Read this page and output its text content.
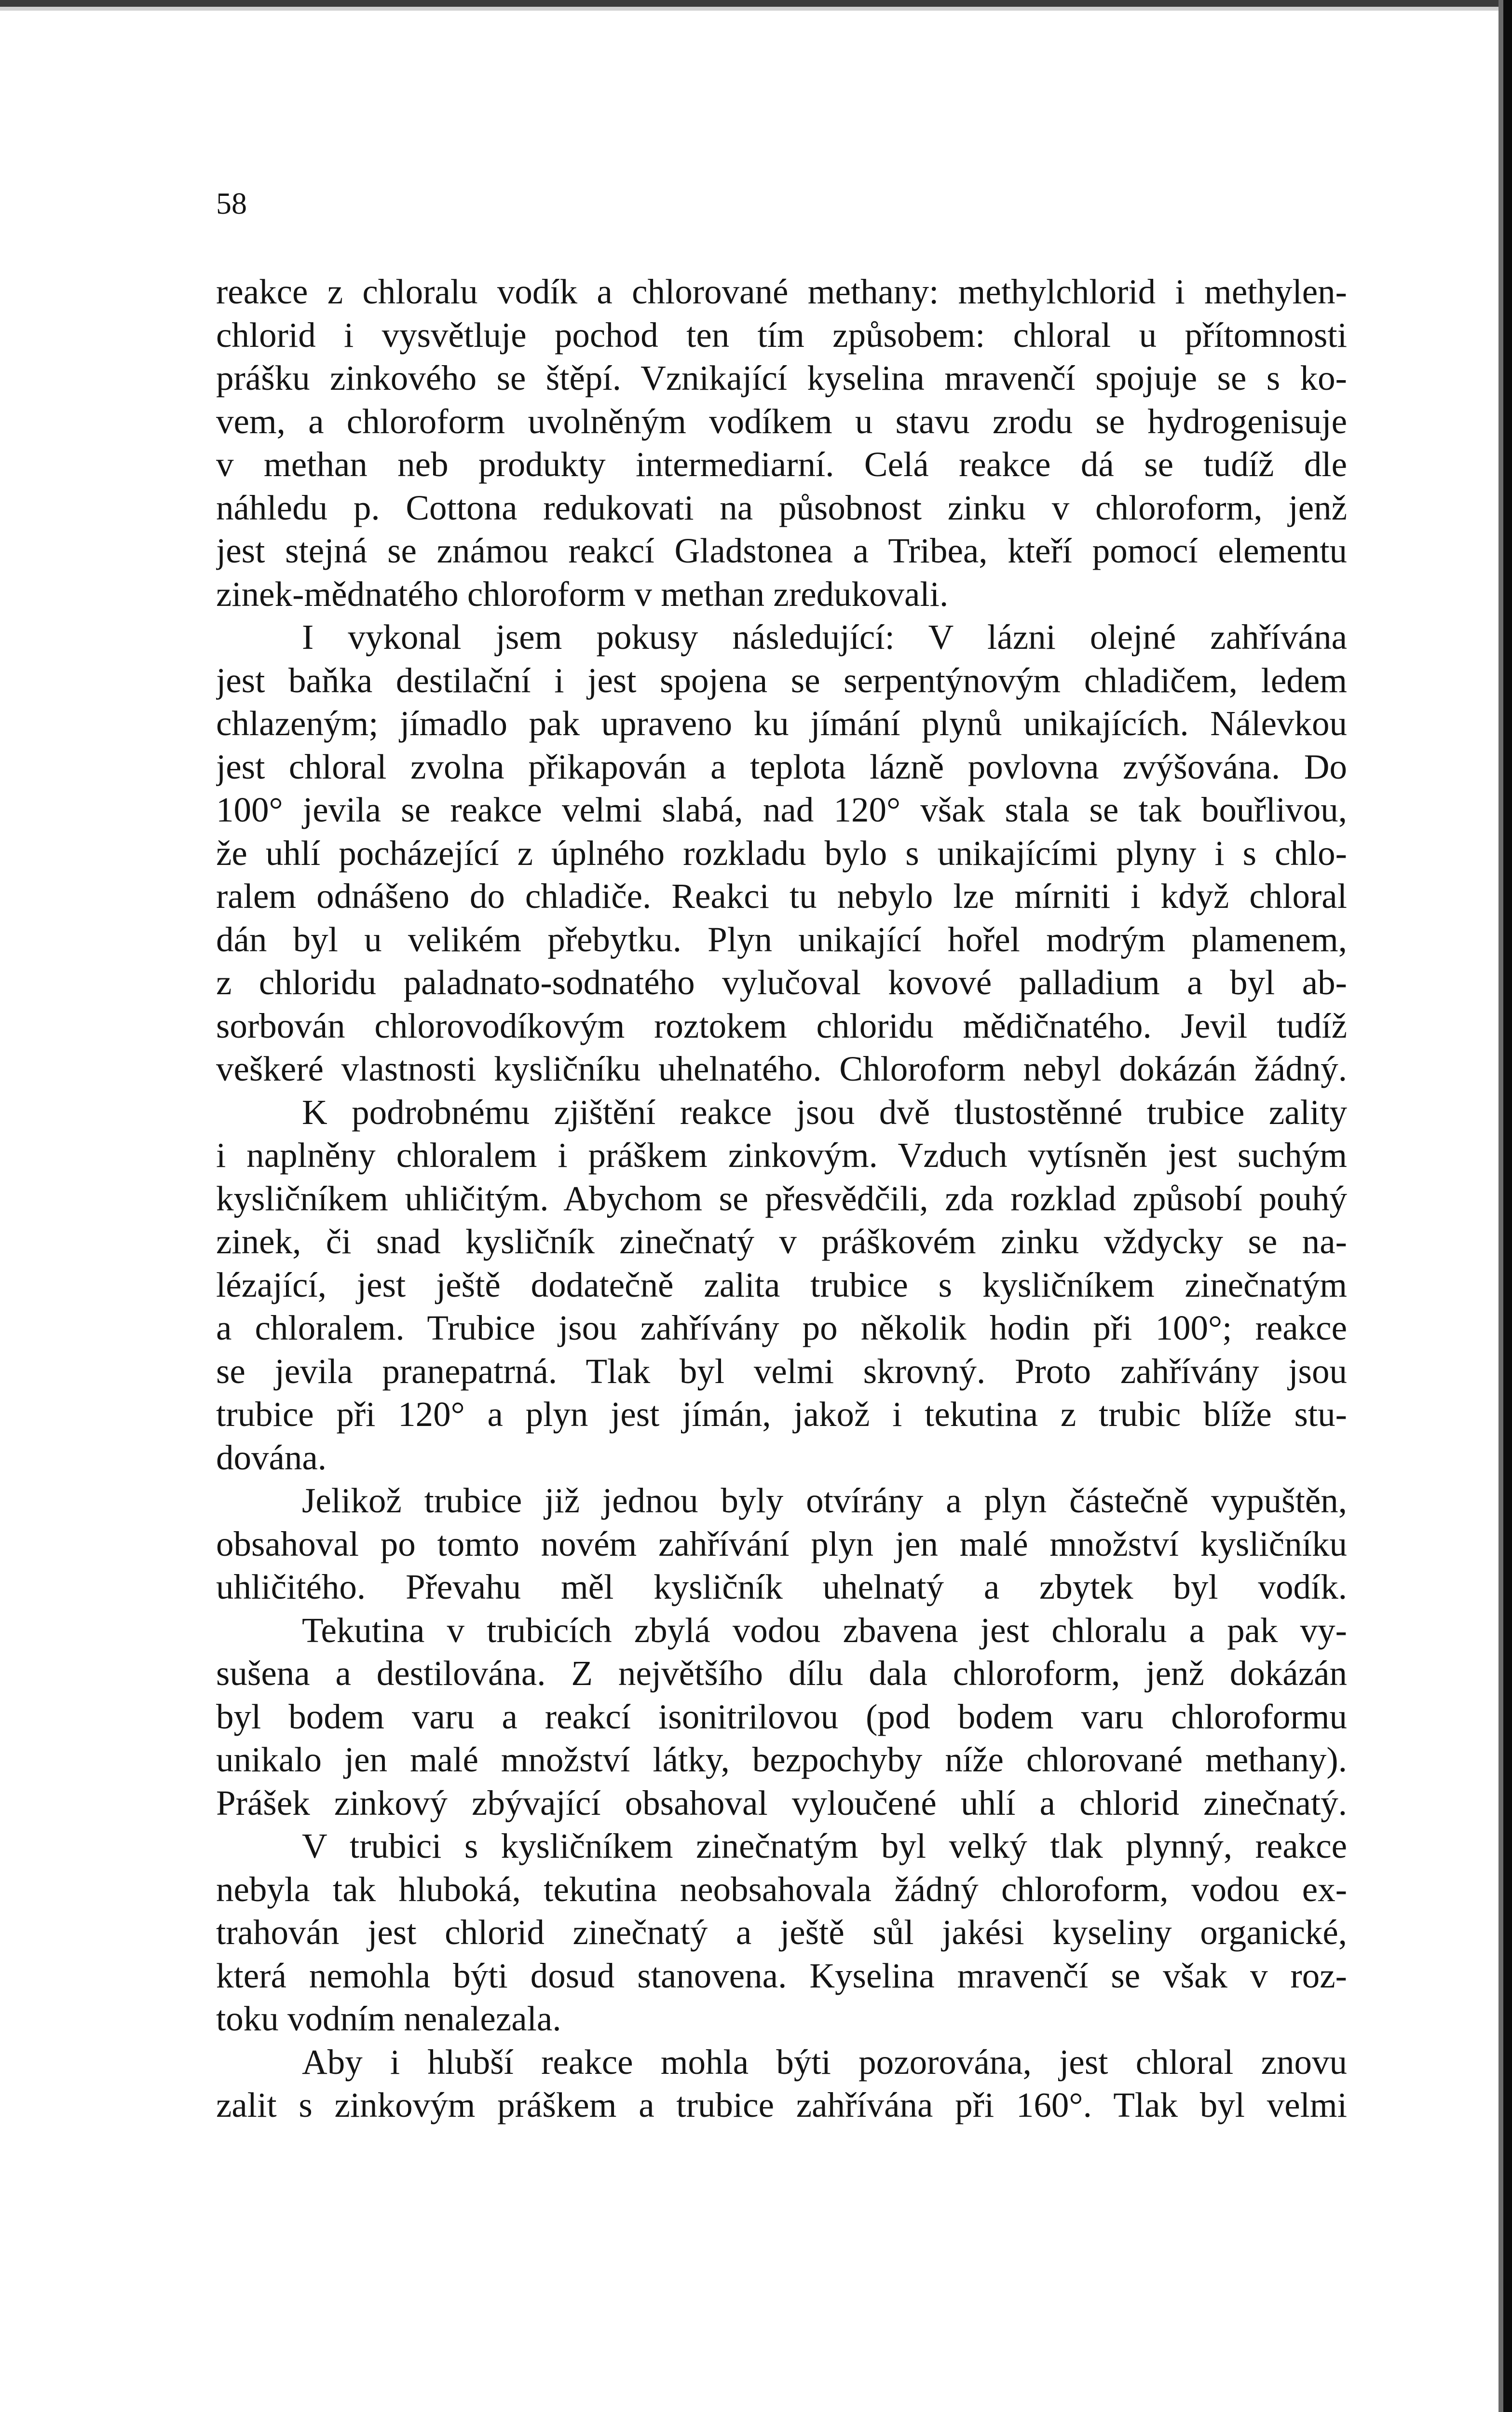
58
reakce z chloralu vodík a chlorované methany: methylchlorid i methylen-
chlorid i vysvětluje pochod ten tím způsobem: chloral u přítomnosti
prášku zinkového se štěpí. Vznikající kyselina mravenčí spojuje se s ko-
vem, a chloroform uvolněným vodíkem u stavu zrodu se hydrogenisuje
v methan neb produkty intermediarní. Celá reakce dá se tudíž dle
náhledu p. Cottona redukovati na působnost zinku v chloroform, jenž
jest stejná se známou reakcí Gladstonea a Tribea, kteří pomocí elementu
zinek-mědnatého chloroform v methan zredukovali.
I vykonal jsem pokusy následující: V lázni olejné zahřívána
jest baňka destilační i jest spojena se serpentýnovým chladičem, ledem
chlazeným; jímadlo pak upraveno ku jímání plynů unikajících. Nálevkou
jest chloral zvolna přikapován a teplota lázně povlovna zvýšována. Do
100° jevila se reakce velmi slabá, nad 120° však stala se tak bouřlivou,
že uhlí pocházející z úplného rozkladu bylo s unikajícími plyny i s chlo-
ralem odnášeno do chladiče. Reakci tu nebylo lze mírniti i když chloral
dán byl u velikém přebytku. Plyn unikající hořel modrým plamenem,
z chloridu paladnato-sodnatého vylučoval kovové palladium a byl ab-
sorbován chlorovodíkovým roztokem chloridu mědičnatého. Jevil tudíž
veškeré vlastnosti kysličníku uhelnatého. Chloroform nebyl dokázán žádný.
K podrobnému zjištění reakce jsou dvě tlustostěnné trubice zality
i naplněny chloralem i práškem zinkovým. Vzduch vytísněn jest suchým
kysličníkem uhličitým. Abychom se přesvědčili, zda rozklad způsobí pouhý
zinek, či snad kysličník zinečnatý v práškovém zinku vždycky se na-
lézající, jest ještě dodatečně zalita trubice s kysličníkem zinečnatým
a chloralem. Trubice jsou zahřívány po několik hodin při 100°; reakce
se jevila pranepatrná. Tlak byl velmi skrovný. Proto zahřívány jsou
trubice při 120° a plyn jest jímán, jakož i tekutina z trubic blíže stu-
dována.
Jelikož trubice již jednou byly otvírány a plyn částečně vypuštěn,
obsahoval po tomto novém zahřívání plyn jen malé množství kysličníku
uhličitého. Převahu měl kysličník uhelnatý a zbytek byl vodík.
Tekutina v trubicích zbylá vodou zbavena jest chloralu a pak vy-
sušena a destilována. Z největšího dílu dala chloroform, jenž dokázán
byl bodem varu a reakcí isonitrilovou (pod bodem varu chloroformu
unikalo jen malé množství látky, bezpochyby níže chlorované methany).
Prášek zinkový zbývající obsahoval vyloučené uhlí a chlorid zinečnatý.
V trubici s kysličníkem zinečnatým byl velký tlak plynný, reakce
nebyla tak hluboká, tekutina neobsahovala žádný chloroform, vodou ex-
trahován jest chlorid zinečnatý a ještě sůl jakési kyseliny organické,
která nemohla býti dosud stanovena. Kyselina mravenčí se však v roz-
toku vodním nenalezala.
Aby i hlubší reakce mohla býti pozorována, jest chloral znovu
zalit s zinkovým práškem a trubice zahřívána při 160°. Tlak byl velmi
